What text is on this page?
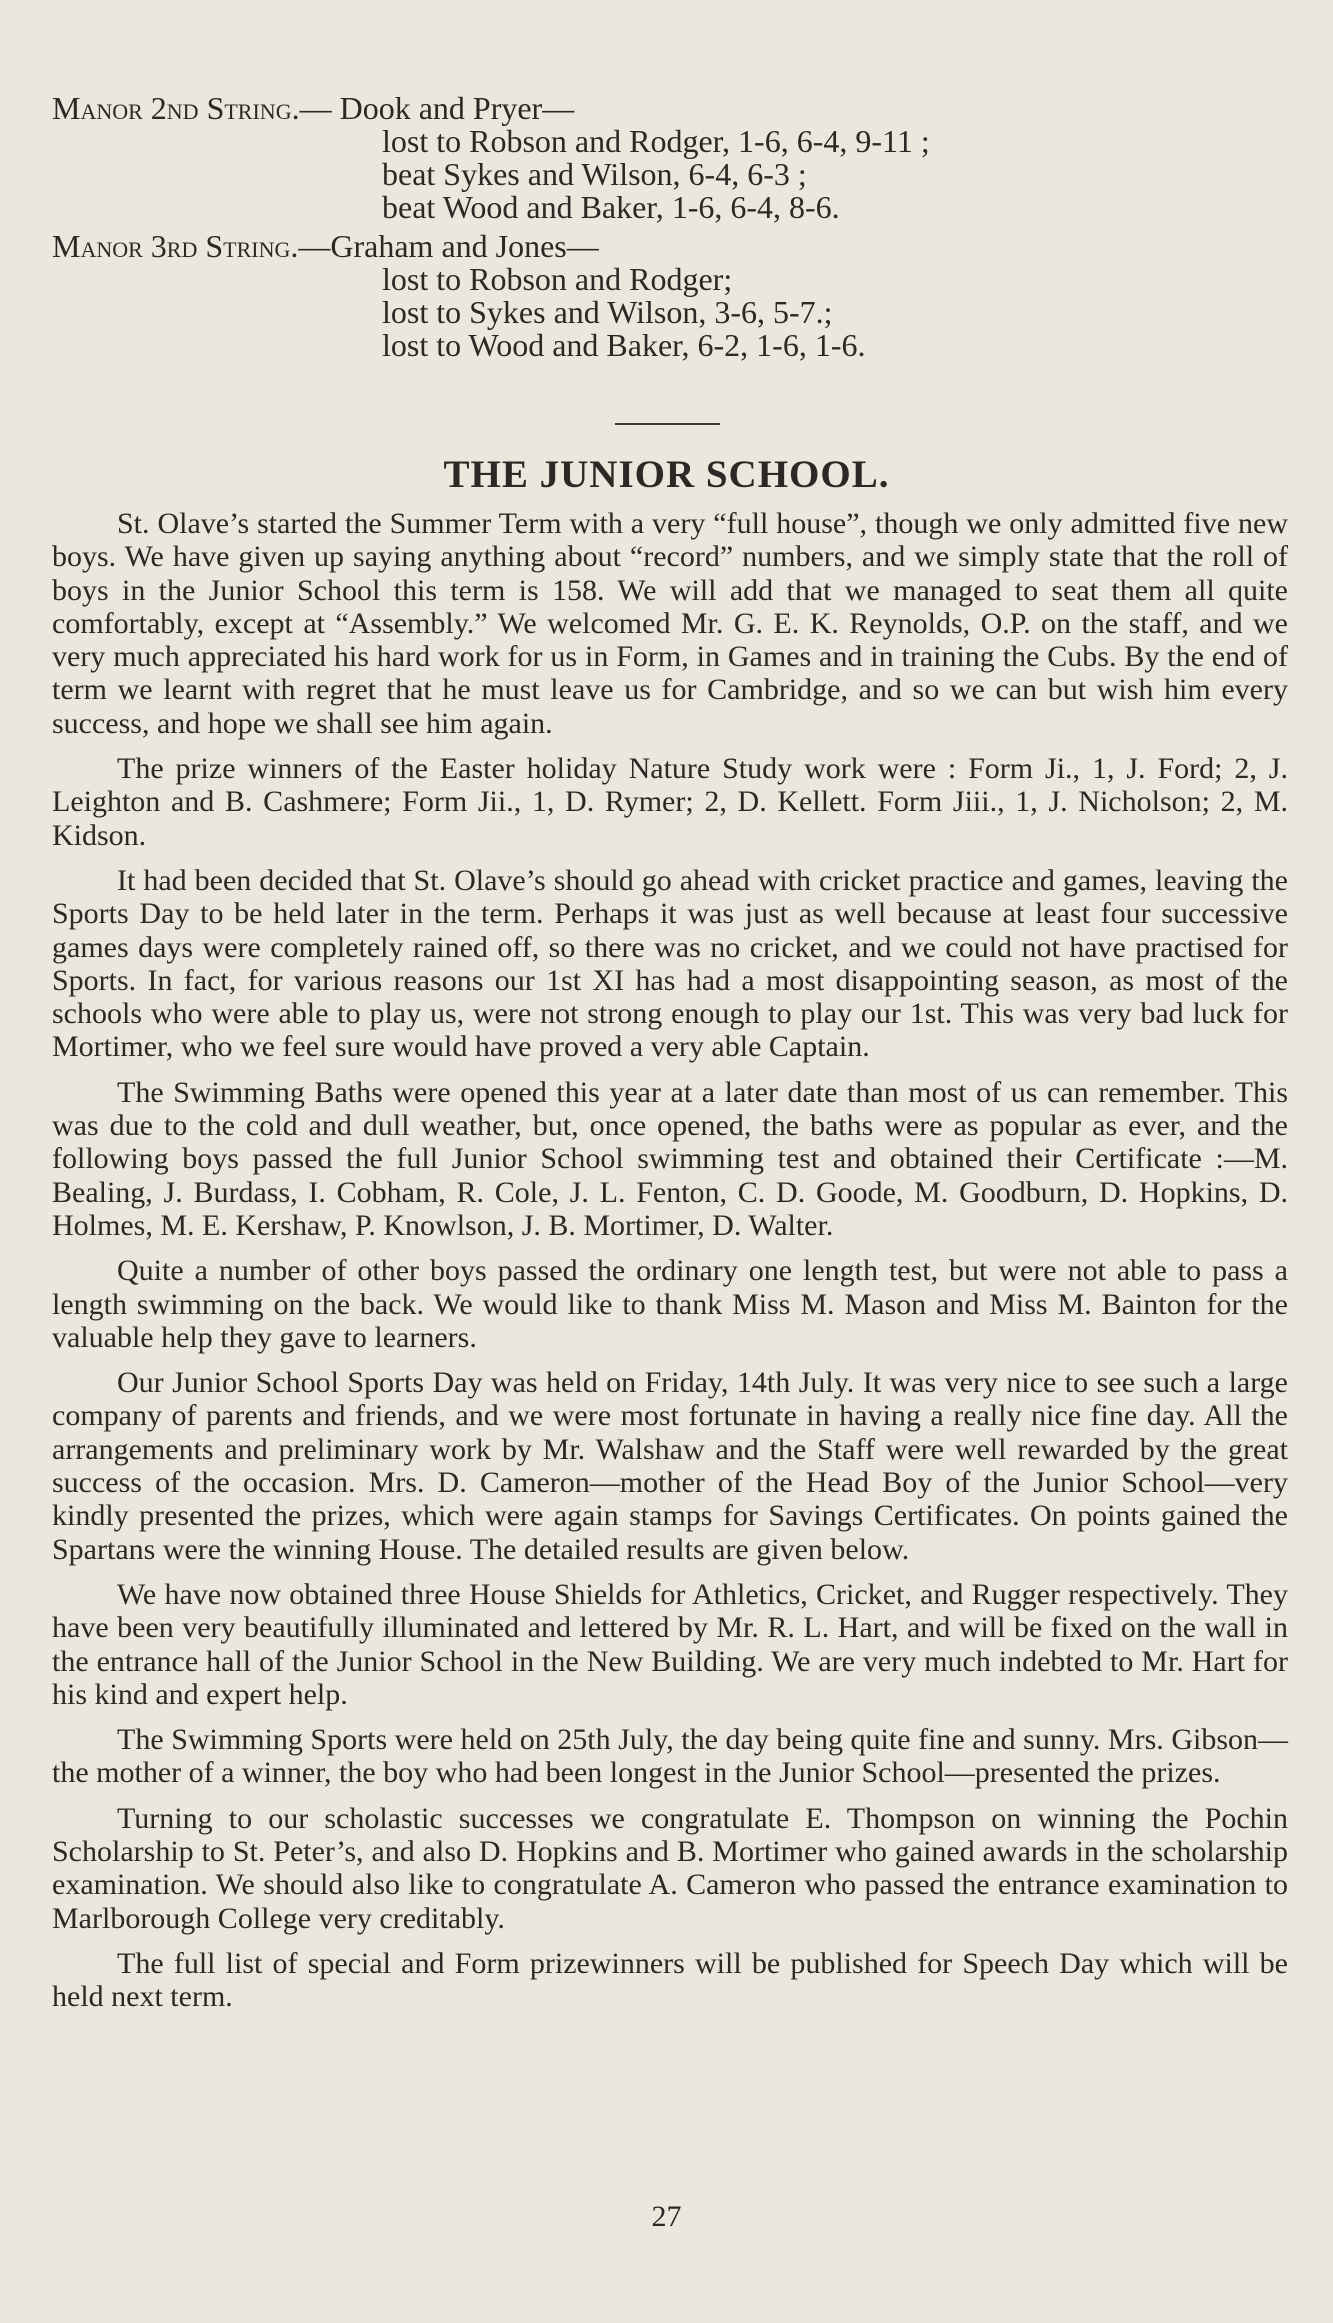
Manor 2nd String.— Dook and Pryer—

lost to Robson and Rodger, 1-6, 6-4, 9-11 ;

beat Sykes and Wilson, 6-4, 6-3 ;

beat Wood and Baker, 1-6, 6-4, 8-6.

Manor 3rd String.—Graham and Jones—

lost to Robson and Rodger;

lost to Sykes and Wilson, 3-6, 5-7.;

lost to Wood and Baker, 6-2, 1-6, 1-6.

THE JUNIOR SCHOOL.

St. Olave’s started the Summer Term with a very “full house”, though we only admitted five new boys. We have given up saying anything about “record” numbers, and we simply state that the roll of boys in the Junior School this term is 158. We will add that we managed to seat them all quite comfortably, except at “Assembly.” We welcomed Mr. G. E. K. Reynolds, O.P. on the staff, and we very much appreciated his hard work for us in Form, in Games and in training the Cubs. By the end of term we learnt with regret that he must leave us for Cambridge, and so we can but wish him every success, and hope we shall see him again.

The prize winners of the Easter holiday Nature Study work were : Form Ji., 1, J. Ford; 2, J. Leighton and B. Cashmere; Form Jii., 1, D. Rymer; 2, D. Kellett. Form Jiii., 1, J. Nicholson; 2, M. Kidson.

It had been decided that St. Olave’s should go ahead with cricket practice and games, leaving the Sports Day to be held later in the term. Perhaps it was just as well because at least four successive games days were completely rained off, so there was no cricket, and we could not have practised for Sports. In fact, for various reasons our 1st XI has had a most disappointing season, as most of the schools who were able to play us, were not strong enough to play our 1st. This was very bad luck for Mortimer, who we feel sure would have proved a very able Captain.

The Swimming Baths were opened this year at a later date than most of us can remember. This was due to the cold and dull weather, but, once opened, the baths were as popular as ever, and the following boys passed the full Junior School swimming test and obtained their Certificate :—M. Bealing, J. Burdass, I. Cobham, R. Cole, J. L. Fenton, C. D. Goode, M. Goodburn, D. Hopkins, D. Holmes, M. E. Kershaw, P. Knowlson, J. B. Mortimer, D. Walter.

Quite a number of other boys passed the ordinary one length test, but were not able to pass a length swimming on the back. We would like to thank Miss M. Mason and Miss M. Bainton for the valuable help they gave to learners.

Our Junior School Sports Day was held on Friday, 14th July. It was very nice to see such a large company of parents and friends, and we were most fortunate in having a really nice fine day. All the arrangements and preliminary work by Mr. Walshaw and the Staff were well rewarded by the great success of the occasion. Mrs. D. Cameron—mother of the Head Boy of the Junior School—very kindly presented the prizes, which were again stamps for Savings Certificates. On points gained the Spartans were the winning House. The detailed results are given below.

We have now obtained three House Shields for Athletics, Cricket, and Rugger respectively. They have been very beautifully illuminated and lettered by Mr. R. L. Hart, and will be fixed on the wall in the entrance hall of the Junior School in the New Building. We are very much indebted to Mr. Hart for his kind and expert help.

The Swimming Sports were held on 25th July, the day being quite fine and sunny. Mrs. Gibson—the mother of a winner, the boy who had been longest in the Junior School—presented the prizes.

Turning to our scholastic successes we congratulate E. Thompson on winning the Pochin Scholarship to St. Peter’s, and also D. Hopkins and B. Mortimer who gained awards in the scholarship examination. We should also like to congratulate A. Cameron who passed the entrance examination to Marlborough College very creditably.

The full list of special and Form prizewinners will be published for Speech Day which will be held next term.

27
